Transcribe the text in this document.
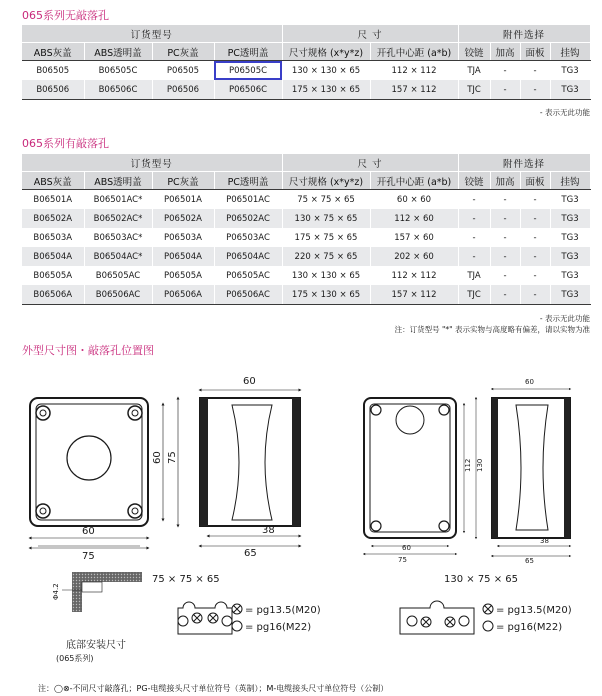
065系列无敲落孔
订货型号				尺 寸		附件选择			
ABS灰盖	ABS透明盖	PC灰盖	PC透明盖	尺寸规格 (x*y*z)	开孔中心距 (a*b)	铰链	加高	面板	挂钩
B06505	B06505C	P06505	P06505C	130 × 130 × 65	112 × 112	TJA	-	-	TG3
B06506	B06506C	P06506	P06506C	175 × 130 × 65	157 × 112	TJC	-	-	TG3
- 表示无此功能
065系列有敲落孔
订货型号				尺 寸		附件选择			
ABS灰盖	ABS透明盖	PC灰盖	PC透明盖	尺寸规格 (x*y*z)	开孔中心距 (a*b)	铰链	加高	面板	挂钩
B06501A	B06501AC*	P06501A	P06501AC	75 × 75 × 65	60 × 60	-	-	-	TG3
B06502A	B06502AC*	P06502A	P06502AC	130 × 75 × 65	112 × 60	-	-	-	TG3
B06503A	B06503AC*	P06503A	P06503AC	175 × 75 × 65	157 × 60	-	-	-	TG3
B06504A	B06504AC*	P06504A	P06504AC	220 × 75 × 65	202 × 60	-	-	-	TG3
B06505A	B06505AC	P06505A	P06505AC	130 × 130 × 65	112 × 112	TJA	-	-	TG3
B06506A	B06506AC	P06506A	P06506AC	175 × 130 × 65	157 × 112	TJC	-	-	TG3
- 表示无此功能
注：订货型号 "*" 表示实物与高度略有偏差，请以实物为准
外型尺寸图・敲落孔位置图
60
75
60 75
60
38
65	60
112 130
60
38
65
75
Φ4.2
= pg13.5(M20)
= pg16(M22)
= pg13.5(M20)
= pg16(M22)
75 × 75 × 65	130 × 75 × 65
底部安装尺寸
(065系列)
注：◯⊗-不同尺寸敲落孔；PG-电缆接头尺寸单位符号（英制）；M-电缆接头尺寸单位符号（公制）
